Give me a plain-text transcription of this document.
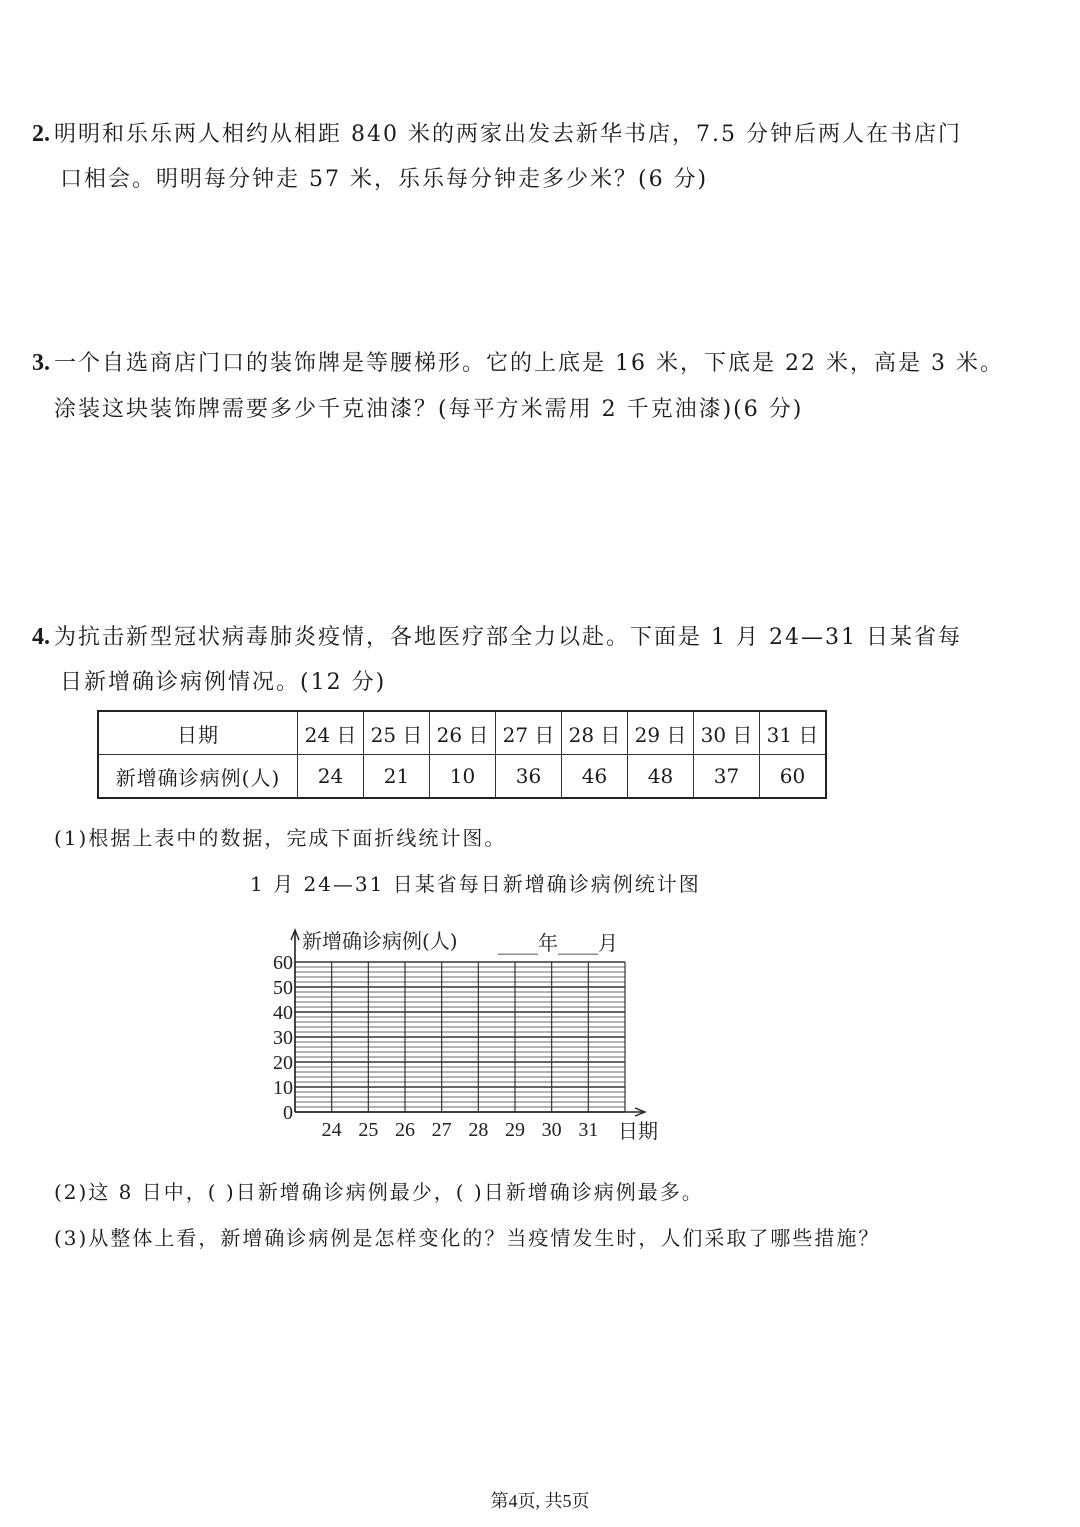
2. 明明和乐乐两人相约从相距 840 米的两家出发去新华书店，7.5 分钟后两人在书店门
口相会。明明每分钟走 57 米，乐乐每分钟走多少米？(6 分)
3. 一个自选商店门口的装饰牌是等腰梯形。它的上底是 16 米，下底是 22 米，高是 3 米。
涂装这块装饰牌需要多少千克油漆？(每平方米需用 2 千克油漆)(6 分)
4. 为抗击新型冠状病毒肺炎疫情，各地医疗部全力以赴。下面是 1 月 24—31 日某省每
日新增确诊病例情况。(12 分)
日期	24 日	25 日	26 日	27 日	28 日	29 日	30 日	31 日
新增确诊病例(人)	24	21	10	36	46	48	37	60
(1)根据上表中的数据，完成下面折线统计图。
1 月 24—31 日某省每日新增确诊病例统计图
新增确诊病例(人) ____年____月
60
50
40
30
20
10
0
24 25 26 27 28 29 30 31 日期
(2)这 8 日中，( )日新增确诊病例最少，( )日新增确诊病例最多。
(3)从整体上看，新增确诊病例是怎样变化的？当疫情发生时，人们采取了哪些措施？
第4页, 共5页
